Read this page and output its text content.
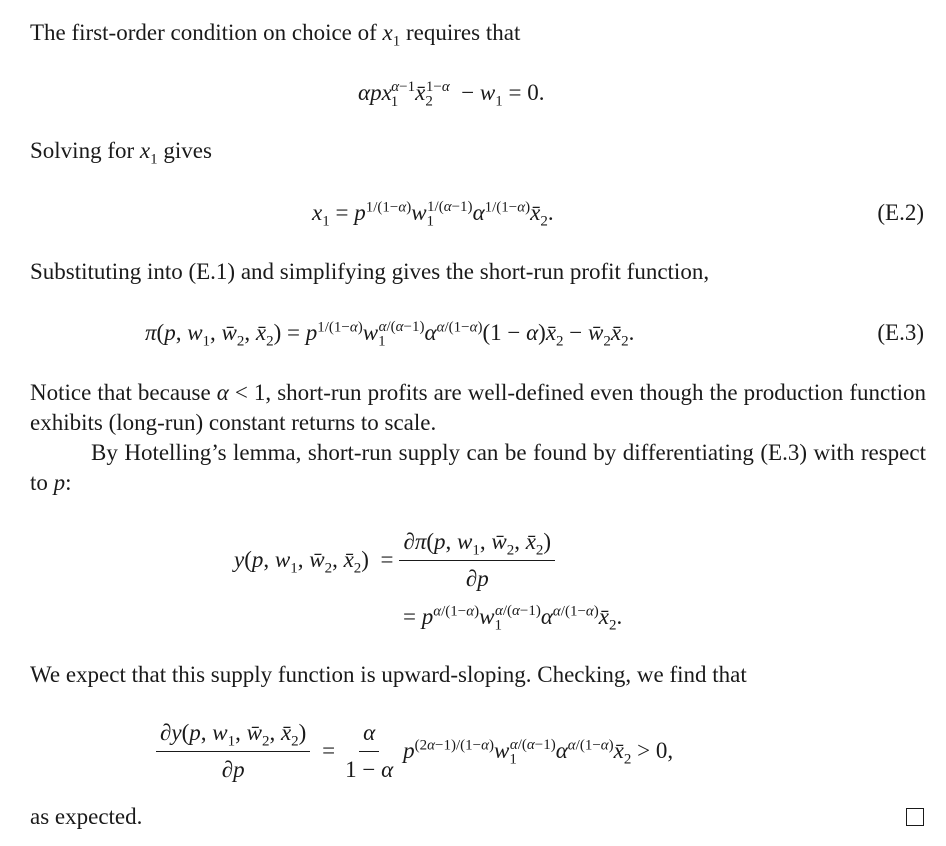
The first-order condition on choice of $x_1$ requires that
$\alpha px_1^{\alpha-1}x̄_2^{1-\alpha} - w_1 = 0$.
Solving for $x_1$ gives
$x_1$ = $p^{1/(1-\alpha)}w_1^{1/(\alpha-1)}\alpha^{1/(1-\alpha)}x̄_2$.	(E.2)
Substituting into (E.1) and simplifying gives the short-run profit function,
π(p, $w_1$, $w̄_2$, $x̄_2) = p^{1/(1-\alpha)}w_1^{\alpha/(\alpha-1)}\alpha^{\alpha/(1-\alpha)}(1$ − $\alpha)x̄_2$ − $w̄_2x̄_2$.	(E.3)
Notice that because α < 1, short-run profits are well-defined even though the production function exhibits (long-run) constant returns to scale.
By Hotelling’s lemma, short-run supply can be found by differentiating (E.3) with respect to p:
y(p, $w_1$, $w̄_2$, $x̄_2) = \frac{\partial\pi(p, w_1, w̄_2, x̄_2)}{\partial p}$
= $p^{\alpha/(1-\alpha)}w_1^{\alpha/(\alpha-1)}\alpha^{\alpha/(1-\alpha)}x̄_2$.
We expect that this supply function is upward-sloping. Checking, we find that
$\frac{\partial y(p, w_1, w̄_2, x̄_2)}{\partial p} = \frac{\alpha}{1 - \alpha}$ $p^{(2\alpha-1)/(1-\alpha)}w_1^{\alpha/(\alpha-1)}\alpha^{\alpha/(1-\alpha)}x̄_2 > 0$,
as expected.
